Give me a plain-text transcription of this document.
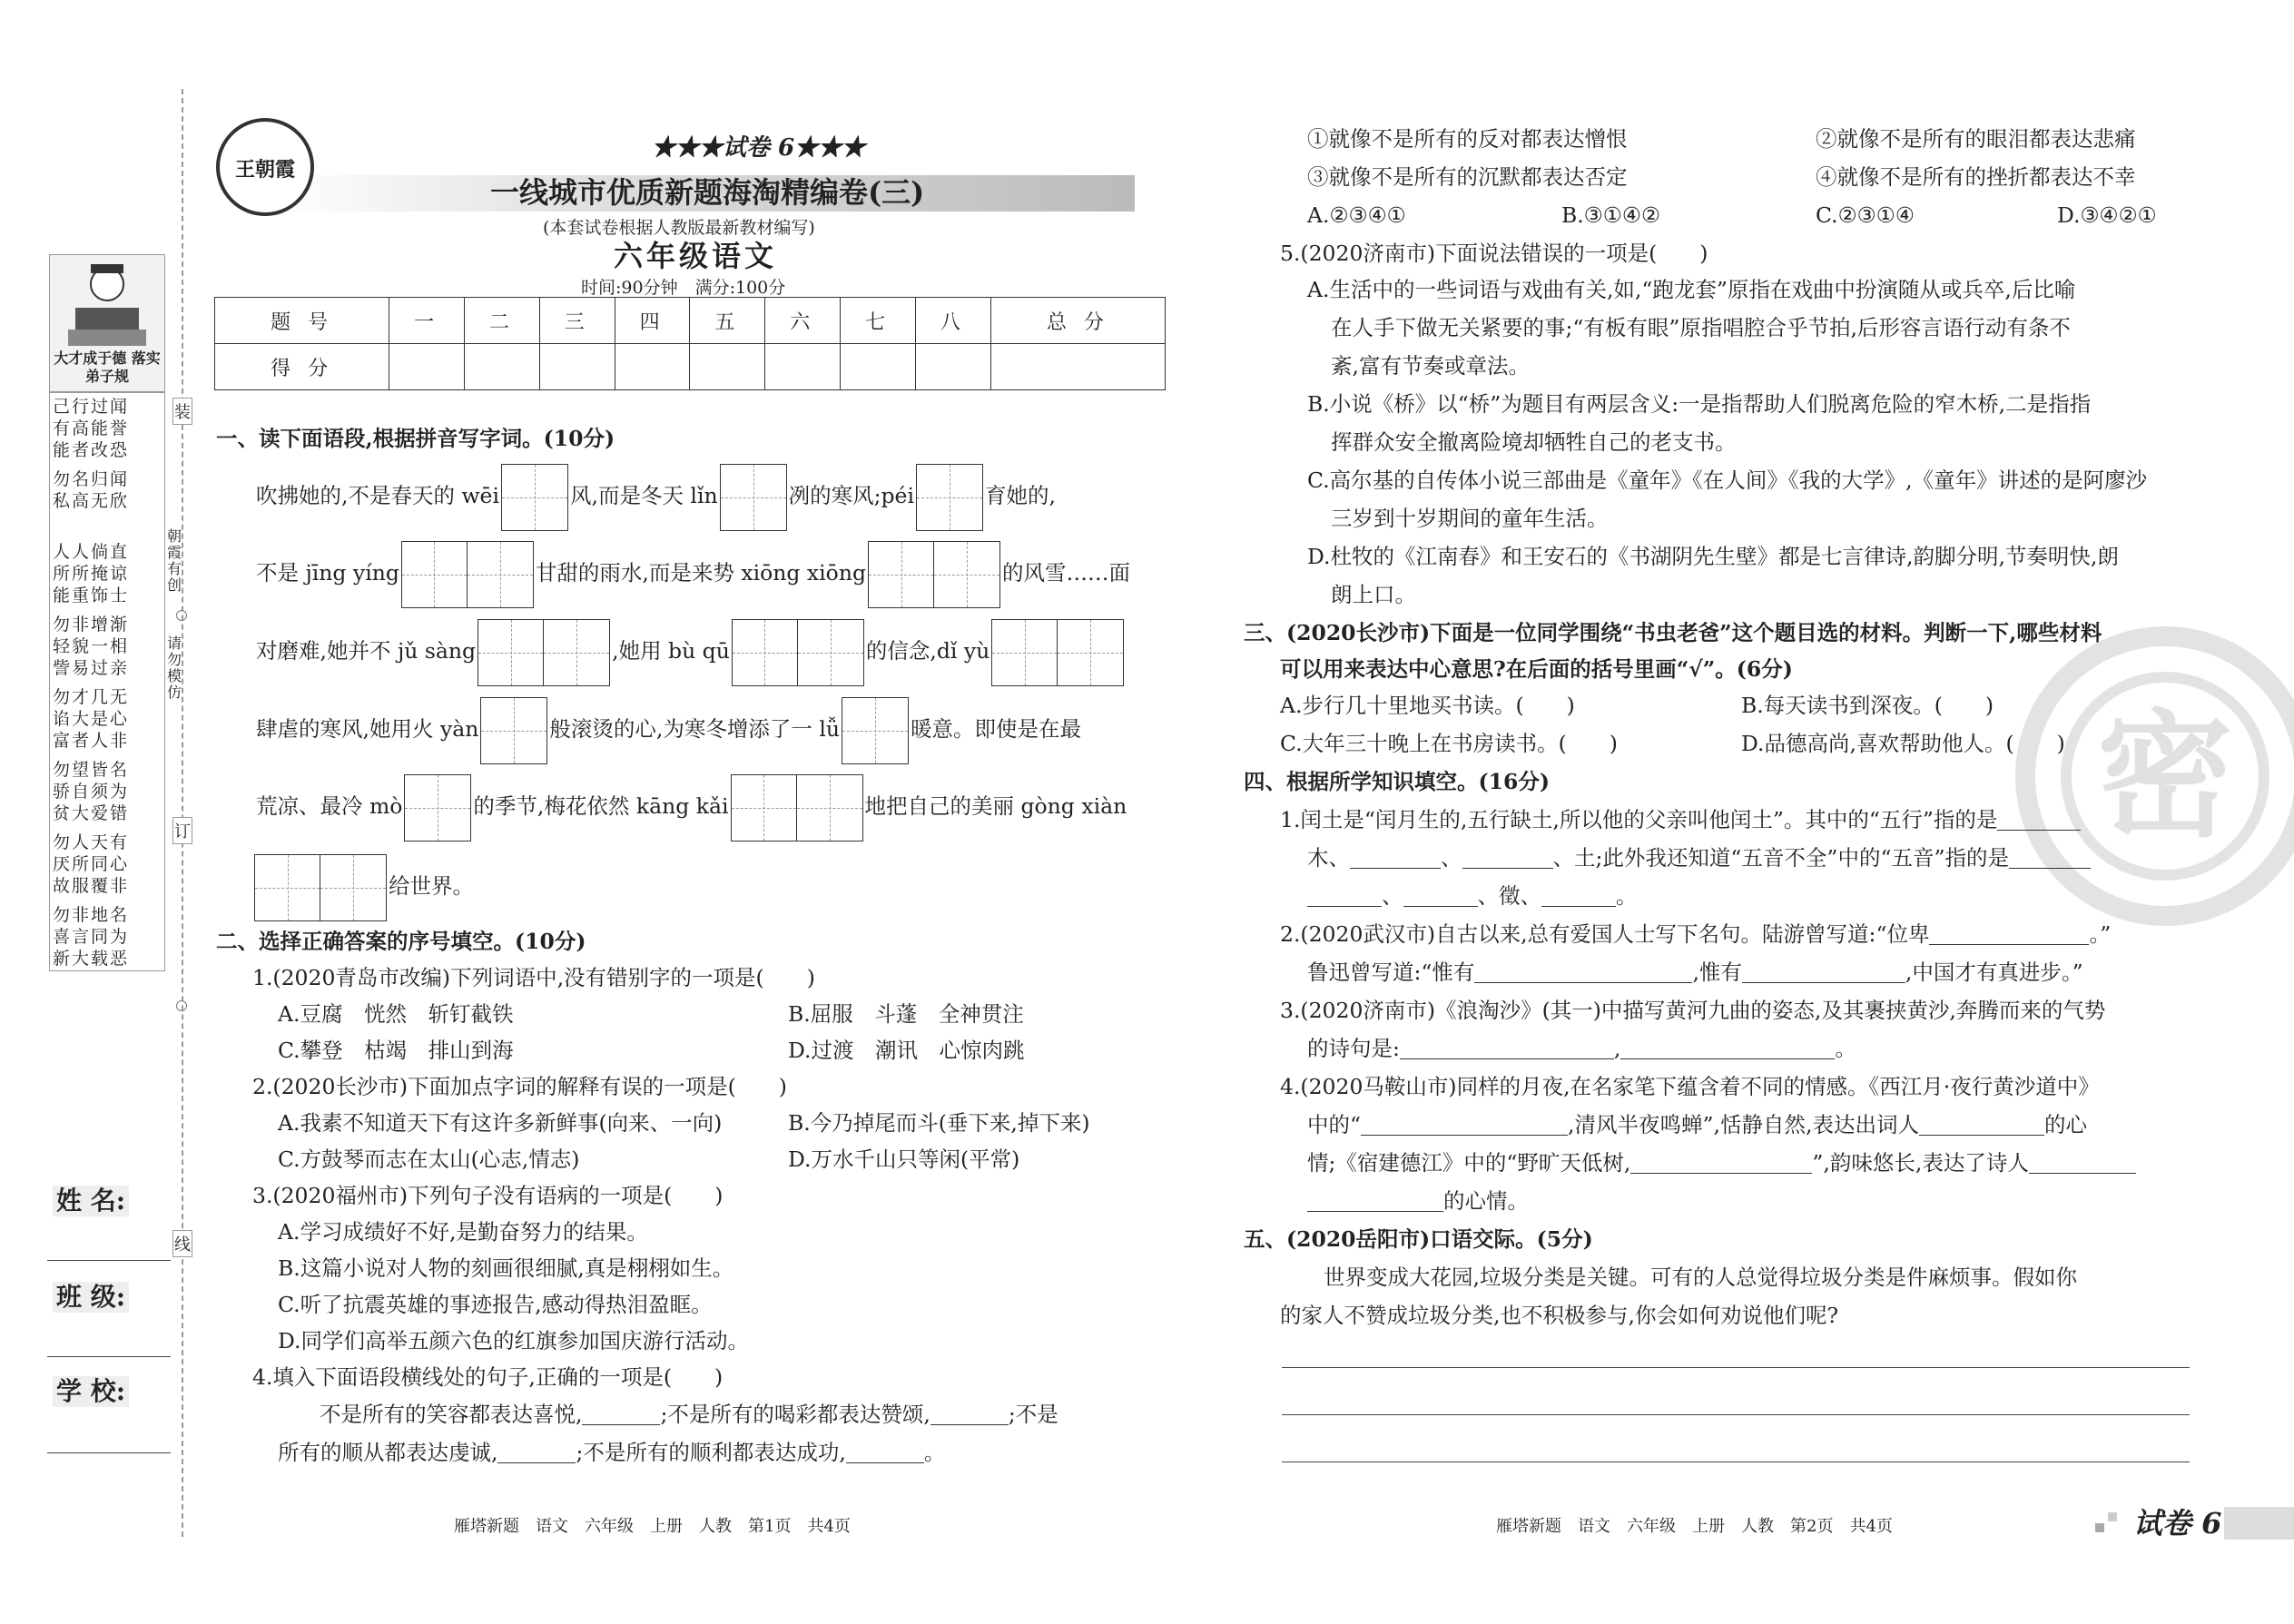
大才成于德 落实弟子规
己行过闻
有高能誉
能者改恐
勿名归闻
私高无欣
人人倘直
所所掩谅
能重饰士
勿非增渐
轻貌一相
訾易过亲
勿才几无
谄大是心
富者人非
勿望皆名
骄自须为
贫大爱错
勿人天有
厌所同心
故服覆非
勿非地名
喜言同为
新大载恶
姓 名:
班 级:
学 校:
装
订
线
朝霞有创
请勿模仿
王朝霞
★★★试卷 6★★★
一线城市优质新题海淘精编卷(三)
(本套试卷根据人教版最新教材编写)
六年级语文
时间:90分钟　满分:100分
题 号	一	二	三	四	五	六	七	八	总 分
得 分									
一、读下面语段,根据拼音写字词。(10分)
吹拂她的,不是春天的 wēi	风,而是冬天 lǐn	冽的寒风;péi	育她的,
不是 jīng yíng	甘甜的雨水,而是来势 xiōng xiōng	的风雪……面
对磨难,她并不 jǔ sàng	,她用 bù qū	的信念,dǐ yù
肆虐的寒风,她用火 yàn	般滚烫的心,为寒冬增添了一 lǚ	暖意。即使是在最
荒凉、最冷 mò	的季节,梅花依然 kāng kǎi	地把自己的美丽 gòng xiàn
给世界。
二、选择正确答案的序号填空。(10分)
1.(2020青岛市改编)下列词语中,没有错别字的一项是(　　)
A.豆腐　恍然　斩钉截铁	B.屈服　斗蓬　全神贯注
C.攀登　枯竭　排山到海	D.过渡　潮讯　心惊肉跳
2.(2020长沙市)下面加点字词的解释有误的一项是(　　)
A.我素不知道天下有这许多新鲜事(向来、一向)	B.今乃掉尾而斗(垂下来,掉下来)
C.方鼓琴而志在太山(心志,情志)	D.万水千山只等闲(平常)
3.(2020福州市)下列句子没有语病的一项是(　　)
A.学习成绩好不好,是勤奋努力的结果。
B.这篇小说对人物的刻画很细腻,真是栩栩如生。
C.听了抗震英雄的事迹报告,感动得热泪盈眶。
D.同学们高举五颜六色的红旗参加国庆游行活动。
4.填入下面语段横线处的句子,正确的一项是(　　)
不是所有的笑容都表达喜悦,	;不是所有的喝彩都表达赞颂,	;不是
所有的顺从都表达虔诚,	;不是所有的顺利都表达成功,	。
雁塔新题　语文　六年级　上册　人教　第1页　共4页
密
①就像不是所有的反对都表达憎恨	②就像不是所有的眼泪都表达悲痛
③就像不是所有的沉默都表达否定	④就像不是所有的挫折都表达不幸
A.②③④①	B.③①④②	C.②③①④	D.③④②①
5.(2020济南市)下面说法错误的一项是(　　)
A.生活中的一些词语与戏曲有关,如,“跑龙套”原指在戏曲中扮演随从或兵卒,后比喻
在人手下做无关紧要的事;“有板有眼”原指唱腔合乎节拍,后形容言语行动有条不
紊,富有节奏或章法。
B.小说《桥》以“桥”为题目有两层含义:一是指帮助人们脱离危险的窄木桥,二是指指
挥群众安全撤离险境却牺牲自己的老支书。
C.高尔基的自传体小说三部曲是《童年》《在人间》《我的大学》,《童年》讲述的是阿廖沙
三岁到十岁期间的童年生活。
D.杜牧的《江南春》和王安石的《书湖阴先生壁》都是七言律诗,韵脚分明,节奏明快,朗
朗上口。
三、(2020长沙市)下面是一位同学围绕“书虫老爸”这个题目选的材料。判断一下,哪些材料
可以用来表达中心意思?在后面的括号里画“√”。(6分)
A.步行几十里地买书读。(　　)	B.每天读书到深夜。(　　)
C.大年三十晚上在书房读书。(　　)	D.品德高尚,喜欢帮助他人。(　　)
四、根据所学知识填空。(16分)
1.闰土是“闰月生的,五行缺土,所以他的父亲叫他闰土”。其中的“五行”指的是
木、	、	、土;此外我还知道“五音不全”中的“五音”指的是
、	、徵、	。
2.(2020武汉市)自古以来,总有爱国人士写下名句。陆游曾写道:“位卑	。”
鲁迅曾写道:“惟有	,惟有	,中国才有真进步。”
3.(2020济南市)《浪淘沙》(其一)中描写黄河九曲的姿态,及其裹挟黄沙,奔腾而来的气势
的诗句是:	,	。
4.(2020马鞍山市)同样的月夜,在名家笔下蕴含着不同的情感。《西江月·夜行黄沙道中》
中的“	,清风半夜鸣蝉”,恬静自然,表达出词人	的心
情;《宿建德江》中的“野旷天低树,	”,韵味悠长,表达了诗人
的心情。
五、(2020岳阳市)口语交际。(5分)
世界变成大花园,垃圾分类是关键。可有的人总觉得垃圾分类是件麻烦事。假如你
的家人不赞成垃圾分类,也不积极参与,你会如何劝说他们呢?
雁塔新题　语文　六年级　上册　人教　第2页　共4页	试卷 6
